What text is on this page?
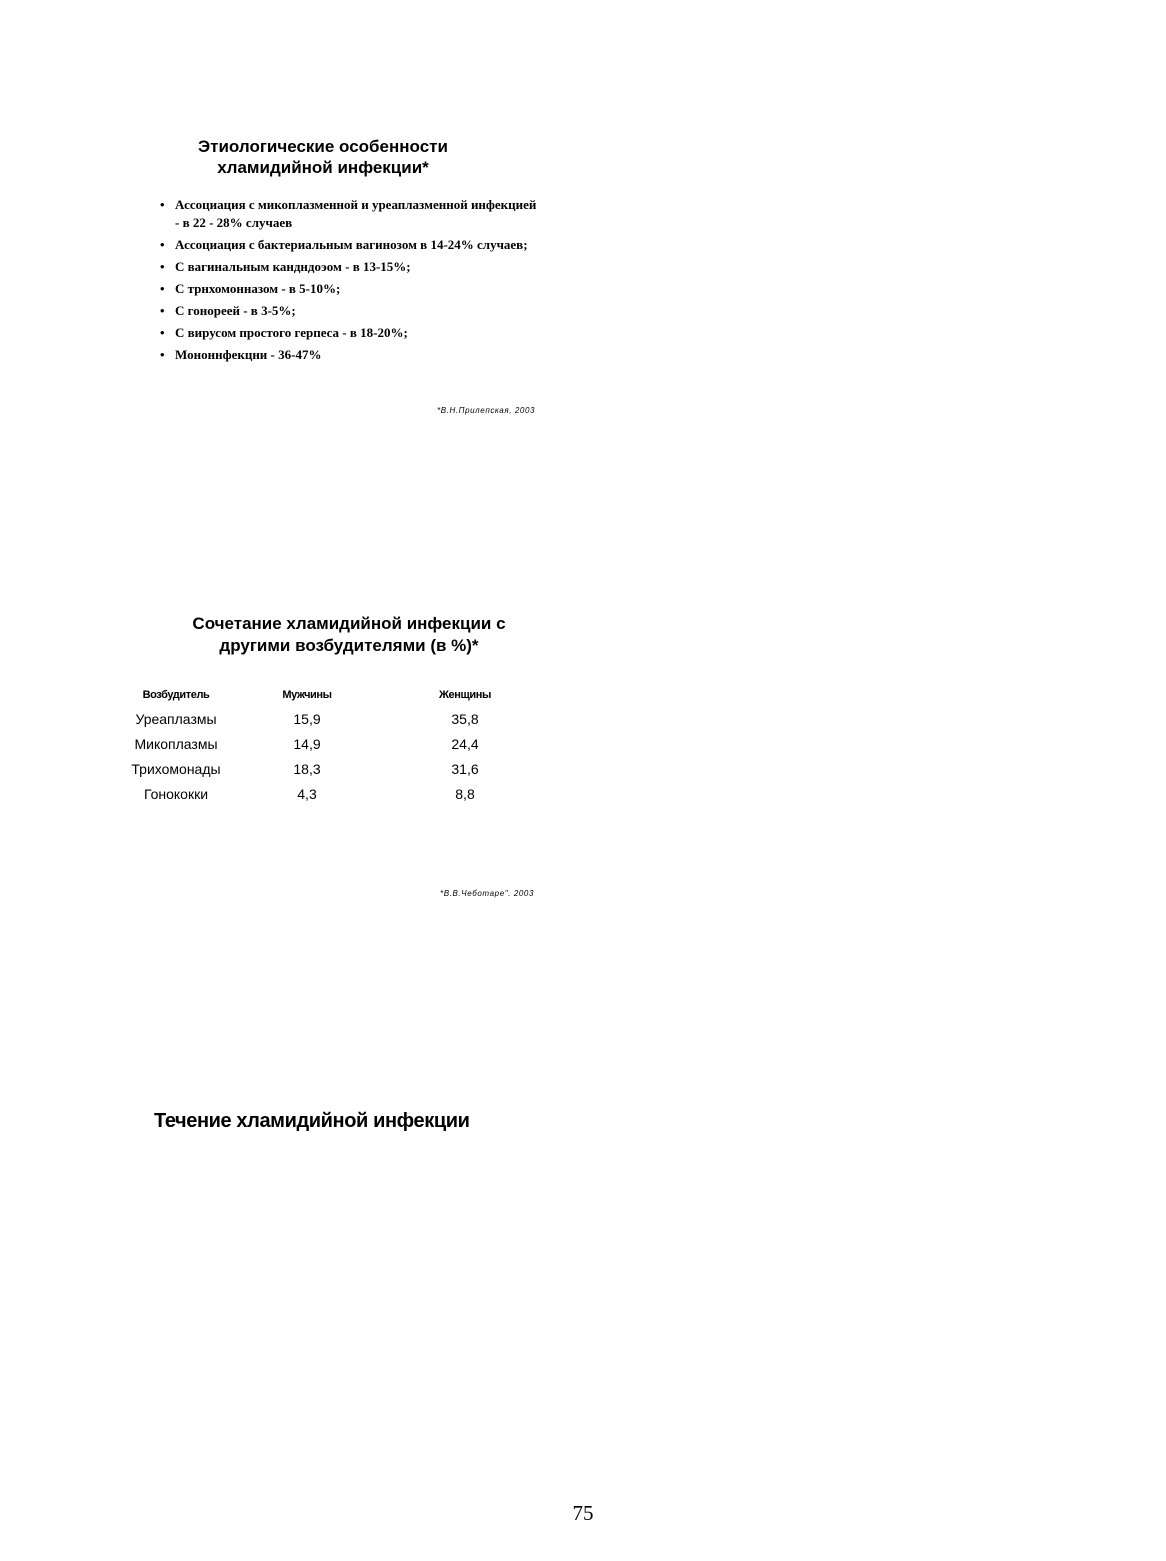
Этиологические особенности
хламидийной инфекции*
• Ассоциация с микоплазменной и уреаплазменной инфекцией - в 22 - 28% случаев
• Ассоциация с бактериальным вагинозом в 14-24% случаев;
• С вагинальным кандндоэом - в 13-15%;
• С трнхомонназом - в 5-10%;
• С гонореей - в 3-5%;
• С вирусом простого герпеса - в 18-20%;
• Мононнфекцни - 36-47%
*В.Н.Прилепская, 2003
Сочетание хламидийной инфекции с
другими возбудителями (в %)*
Возбудитель	Мужчины	Женщины
Уреаплазмы	15,9	35,8
Микоплазмы	14,9	24,4
Трихомонады	18,3	31,6
Гонококки	4,3	8,8
*В.В.Чеботаре". 2003
Течение хламидийной инфекции
75
